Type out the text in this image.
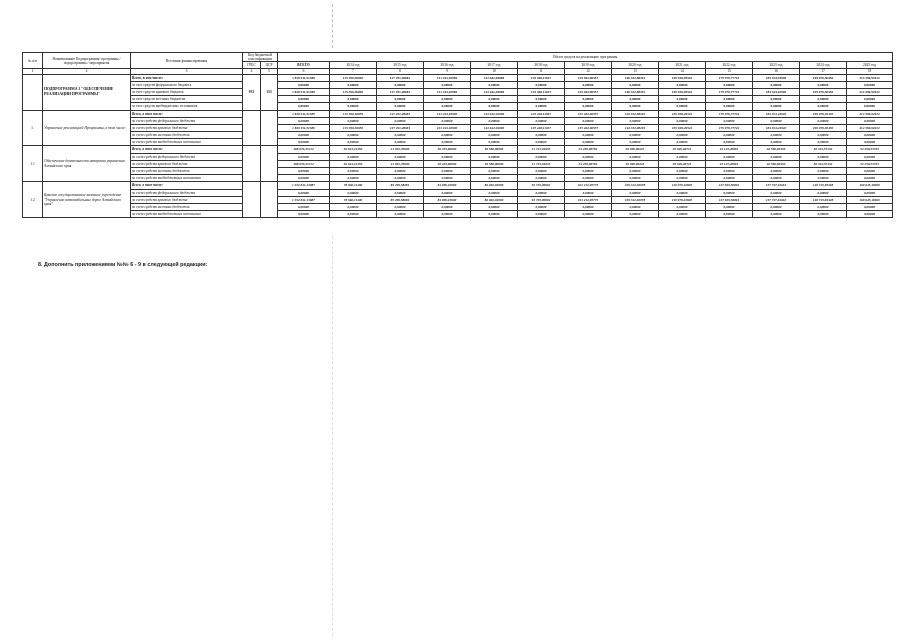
№ п/п	Наименование Подпрограммы/ программы / подпрограммы / мероприятия	Источник финансирования	Код бюджетной классификации		Объем средств на реализацию программы												
			ГРБС	ЦСР	ВСЕГО	2014 год	2015 год	2016 год	2017 год	2018 год	2019 год	2020 год	2021 год	2022 год	2023 год	2024 год	2025 год
1	2	3	4	5	6	7	8	9	10	11	12	13	14	15	16	17	18
	ПОДПРОГРАММА 3 "ОБЕСПЕЧЕНИЕ РЕАЛИЗАЦИИ ПРОГРАММЫ"	Всего, в том числе:	933	153	1 820 911,51389	115 390,36050	127 291,28681	121 243,10900	122 642,04000	125 448,11637	135 462,96557	146 332,08201	159 928,49542	179 970,77722	184 324,43940	199 070,30450	214 596,92612
		за счет средств федерального бюджета			0,00000	0,00000	0,00000	0,00000	0,00000	0,00000	0,00000	0,00000	0,00000	0,00000	0,00000	0,00000	0,00000
		за счет средств краевого бюджета			1 820 911,51389	115 390,36050	127 291,28681	121 243,10900	122 642,04000	125 448,11637	135 462,96557	146 332,08201	159 928,49542	179 970,77722	184 324,43940	199 070,30450	214 596,92612
		за счет средств местных бюджетов			0,00000	0,00000	0,00000	0,00000	0,00000	0,00000	0,00000	0,00000	0,00000	0,00000	0,00000	0,00000	0,00000
		за счет средств внебюджетных источников			0,00000	0,00000	0,00000	0,00000	0,00000	0,00000	0,00000	0,00000	0,00000	0,00000	0,00000	0,00000	0,00000
1.	Управление реализацией Программы, в том числе:	Всего, в том числе:			1 820 911,51389	115 390,36050	127 291,28681	121 243,10900	122 642,04000	125 448,11637	135 462,96557	146 332,08201	159 928,49542	179 970,77722	184 324,43940	199 070,30450	214 596,92612
		за счет средств федерального бюджета			0,00000	0,00000	0,00000	0,00000	0,00000	0,00000	0,00000	0,00000	0,00000	0,00000	0,00000	0,00000	0,00000
		за счет средств краевого бюджета			1 820 911,51389	115 390,36050	127 291,28681	121 243,10900	122 642,04000	125 448,11637	135 462,96557	146 332,08201	159 928,49542	179 970,77722	184 324,43940	199 070,30450	214 596,92612
		за счет средств местных бюджетов			0,00000	0,00000	0,00000	0,00000	0,00000	0,00000	0,00000	0,00000	0,00000	0,00000	0,00000	0,00000	0,00000
		за счет средств внебюджетных источников			0,00000	0,00000	0,00000	0,00000	0,00000	0,00000	0,00000	0,00000	0,00000	0,00000	0,00000	0,00000	0,00000
1.1	Обеспечение деятельности аппарата управления Алтайского края	Всего, в том числе:			488 070,37412	36 624,12450	41 991,70000	36 233,60000	36 580,00000	31 713,01635	34 250,00784	36 990,06223	39 949,26721	43 145,20861	46 596,82330	50 324,57132	54 350,53703
		за счет средств федерального бюджета			0,00000	0,00000	0,00000	0,00000	0,00000	0,00000	0,00000	0,00000	0,00000	0,00000	0,00000	0,00000	0,00000
		за счет средств краевого бюджета			488 070,37412	36 624,12450	41 991,70000	36 233,60000	36 580,00000	31 713,01635	34 250,00784	36 990,06223	39 949,26721	43 145,20861	46 596,82330	50 324,57132	54 350,53703
		за счет средств местных бюджетов			0,00000	0,00000	0,00000	0,00000	0,00000	0,00000	0,00000	0,00000	0,00000	0,00000	0,00000	0,00000	0,00000
		за счет средств внебюджетных источников			0,00000	0,00000	0,00000	0,00000	0,00000	0,00000	0,00000	0,00000	0,00000	0,00000	0,00000	0,00000	0,00000
1.2	Краевое государственное казенное учреждение "Управление автомобильных дорог Алтайского края"	Всего, в том числе:			1 332 841,13987	78 666,11400	85 299,58681	84 909,10900	86 062,04000	93 735,09994	101 212,95773	109 342,02078	119 979,22820	127 825,56861	137 727,61610	148 745,83328	160 645,40969
		за счет средств федерального бюджета			0,00000	0,00000	0,00000	0,00000	0,00000	0,00000	0,00000	0,00000	0,00000	0,00000	0,00000	0,00000	0,00000
		за счет средств краевого бюджета			1 332 841,13987	78 666,11400	85 299,58681	84 909,10900	86 062,04000	93 735,09994	101 212,95773	109 342,02078	119 979,22820	127 825,56861	137 727,61610	148 745,83328	160 645,40969
		за счет средств местных бюджетов			0,00000	0,00000	0,00000	0,00000	0,00000	0,00000	0,00000	0,00000	0,00000	0,00000	0,00000	0,00000	0,00000
		за счет средств внебюджетных источников			0,00000	0,00000	0,00000	0,00000	0,00000	0,00000	0,00000	0,00000	0,00000	0,00000	0,00000	0,00000	0,00000
8. Дополнить приложениями №№ 6 - 9 в следующей редакции:
